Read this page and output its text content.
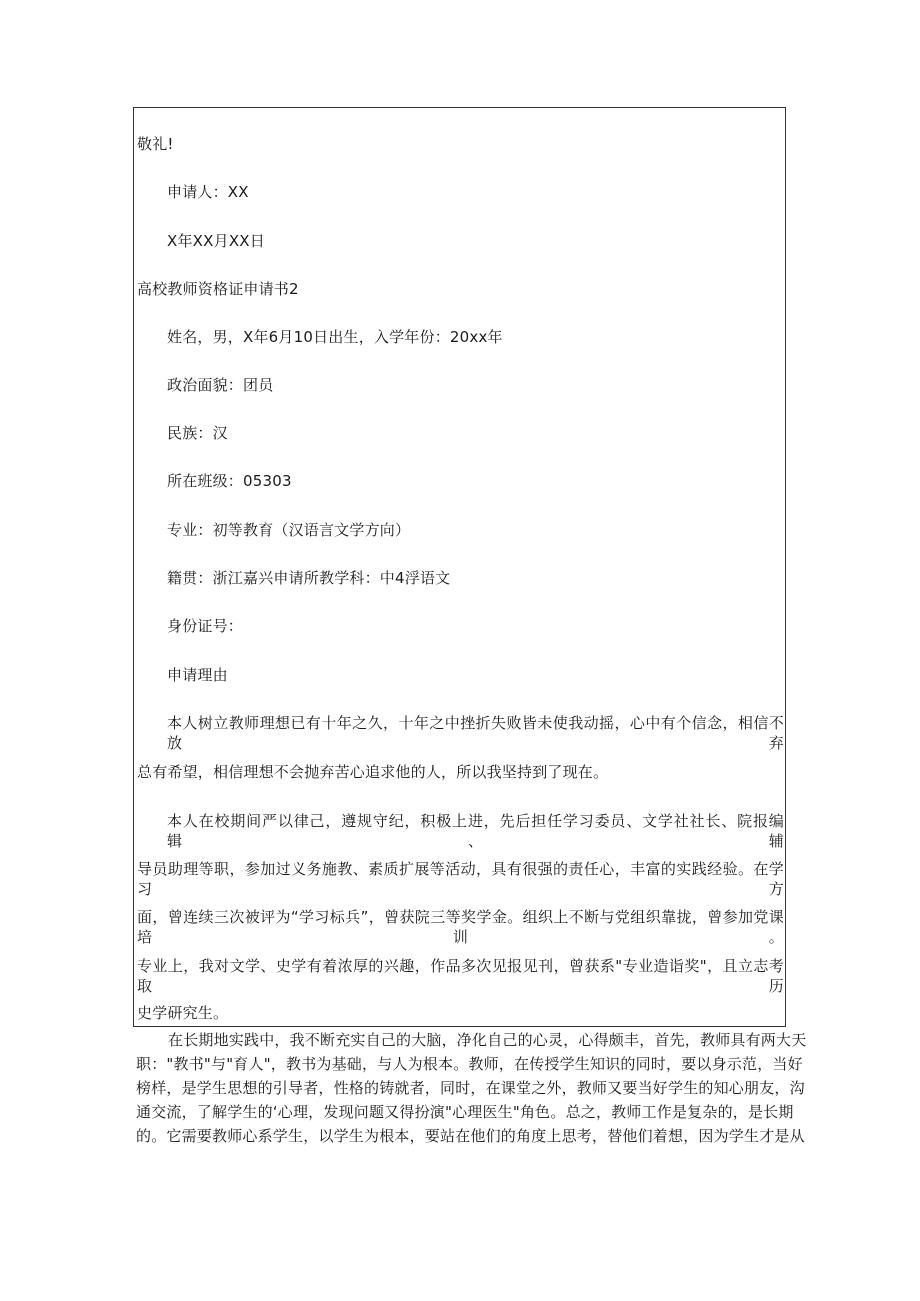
敬礼!
申请人：XX
X年XX月XX日
高校教师资格证申请书2
姓名，男，X年6月10日出生，入学年份：20xx年
政治面貌：团员
民族：汉
所在班级：05303
专业：初等教育（汉语言文学方向）
籍贯：浙江嘉兴申请所教学科：中4浮语文
身份证号：
申请理由
本人树立教师理想已有十年之久，十年之中挫折失败皆未使我动摇，心中有个信念，相信不放弃
总有希望，相信理想不会抛弃苦心追求他的人，所以我坚持到了现在。
本人在校期间严以律己，遵规守纪，积极上进，先后担任学习委员、文学社社长、院报编辑、辅
导员助理等职，参加过义务施教、素质扩展等活动，具有很强的责任心，丰富的实践经验。在学习方
面，曾连续三次被评为“学习标兵”，曾获院三等奖学金。组织上不断与党组织靠拢，曾参加党课培训。
专业上，我对文学、史学有着浓厚的兴趣，作品多次见报见刊，曾获系"专业造诣奖"，且立志考取历
史学研究生。
在长期地实践中，我不断充实自己的大脑，净化自己的心灵，心得颇丰，首先，教师具有两大天
职："教书"与"育人"，教书为基础，与人为根本。教师，在传授学生知识的同时，要以身示范，当好
榜样，是学生思想的引导者，性格的铸就者，同时，在课堂之外，教师又要当好学生的知心朋友，沟
通交流，了解学生的‘心理，发现问题又得扮演"心理医生"角色。总之，教师工作是复杂的，是长期
的。它需要教师心系学生，以学生为根本，要站在他们的角度上思考，替他们着想，因为学生才是从
